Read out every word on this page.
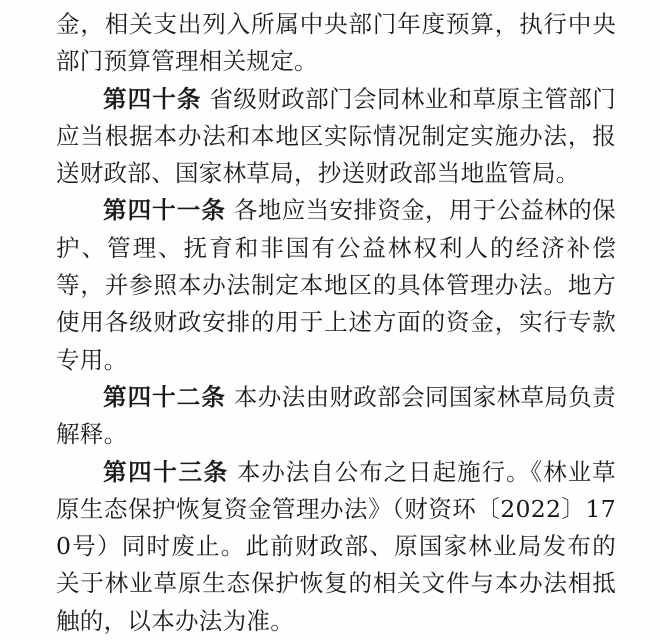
金，相关支出列入所属中央部门年度预算，执行中央部门预算管理相关规定。

第四十条 省级财政部门会同林业和草原主管部门应当根据本办法和本地区实际情况制定实施办法，报送财政部、国家林草局，抄送财政部当地监管局。

第四十一条 各地应当安排资金，用于公益林的保护、管理、抚育和非国有公益林权利人的经济补偿等，并参照本办法制定本地区的具体管理办法。地方使用各级财政安排的用于上述方面的资金，实行专款专用。

第四十二条 本办法由财政部会同国家林草局负责解释。

第四十三条 本办法自公布之日起施行。《林业草原生态保护恢复资金管理办法》（财资环〔2022〕170号）同时废止。此前财政部、原国家林业局发布的关于林业草原生态保护恢复的相关文件与本办法相抵触的，以本办法为准。
